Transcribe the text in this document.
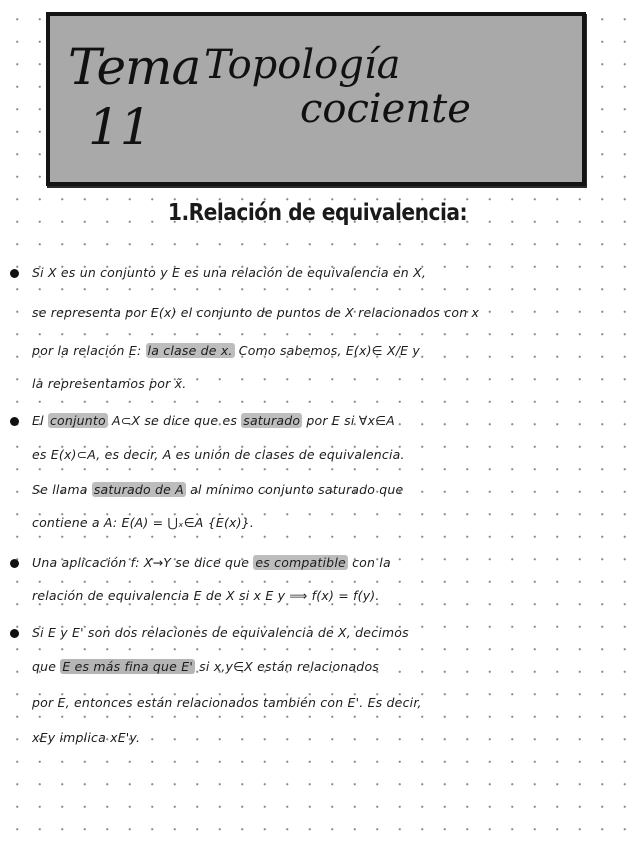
Tema
11
Topología
cociente
1.Relación de equivalencia:
Si X es un conjunto y E es una relación de equivalencia en X,
se representa por E(x) el conjunto de puntos de X relacionados con x
por la relación E: la clase de x. Como sabemos, E(x)∈ X/E y
la representamos por x̃.
El conjunto A⊂X se dice que es saturado por E si ∀x∈A
es E(x)⊂A, es decir, A es unión de clases de equivalencia.
Se llama saturado de A al mínimo conjunto saturado que
contiene a A: E(A) = ⋃ₓ∈A {E(x)}.
Una aplicación f: X→Y se dice que es compatible con la
relación de equivalencia E de X si x E y ⟹ f(x) = f(y).
Si E y E' son dos relaciones de equivalencia de X, decimos
que E es más fina que E' si x,y∈X están relacionados
por E, entonces están relacionados también con E'. Es decir,
xEy implica xE'y.
